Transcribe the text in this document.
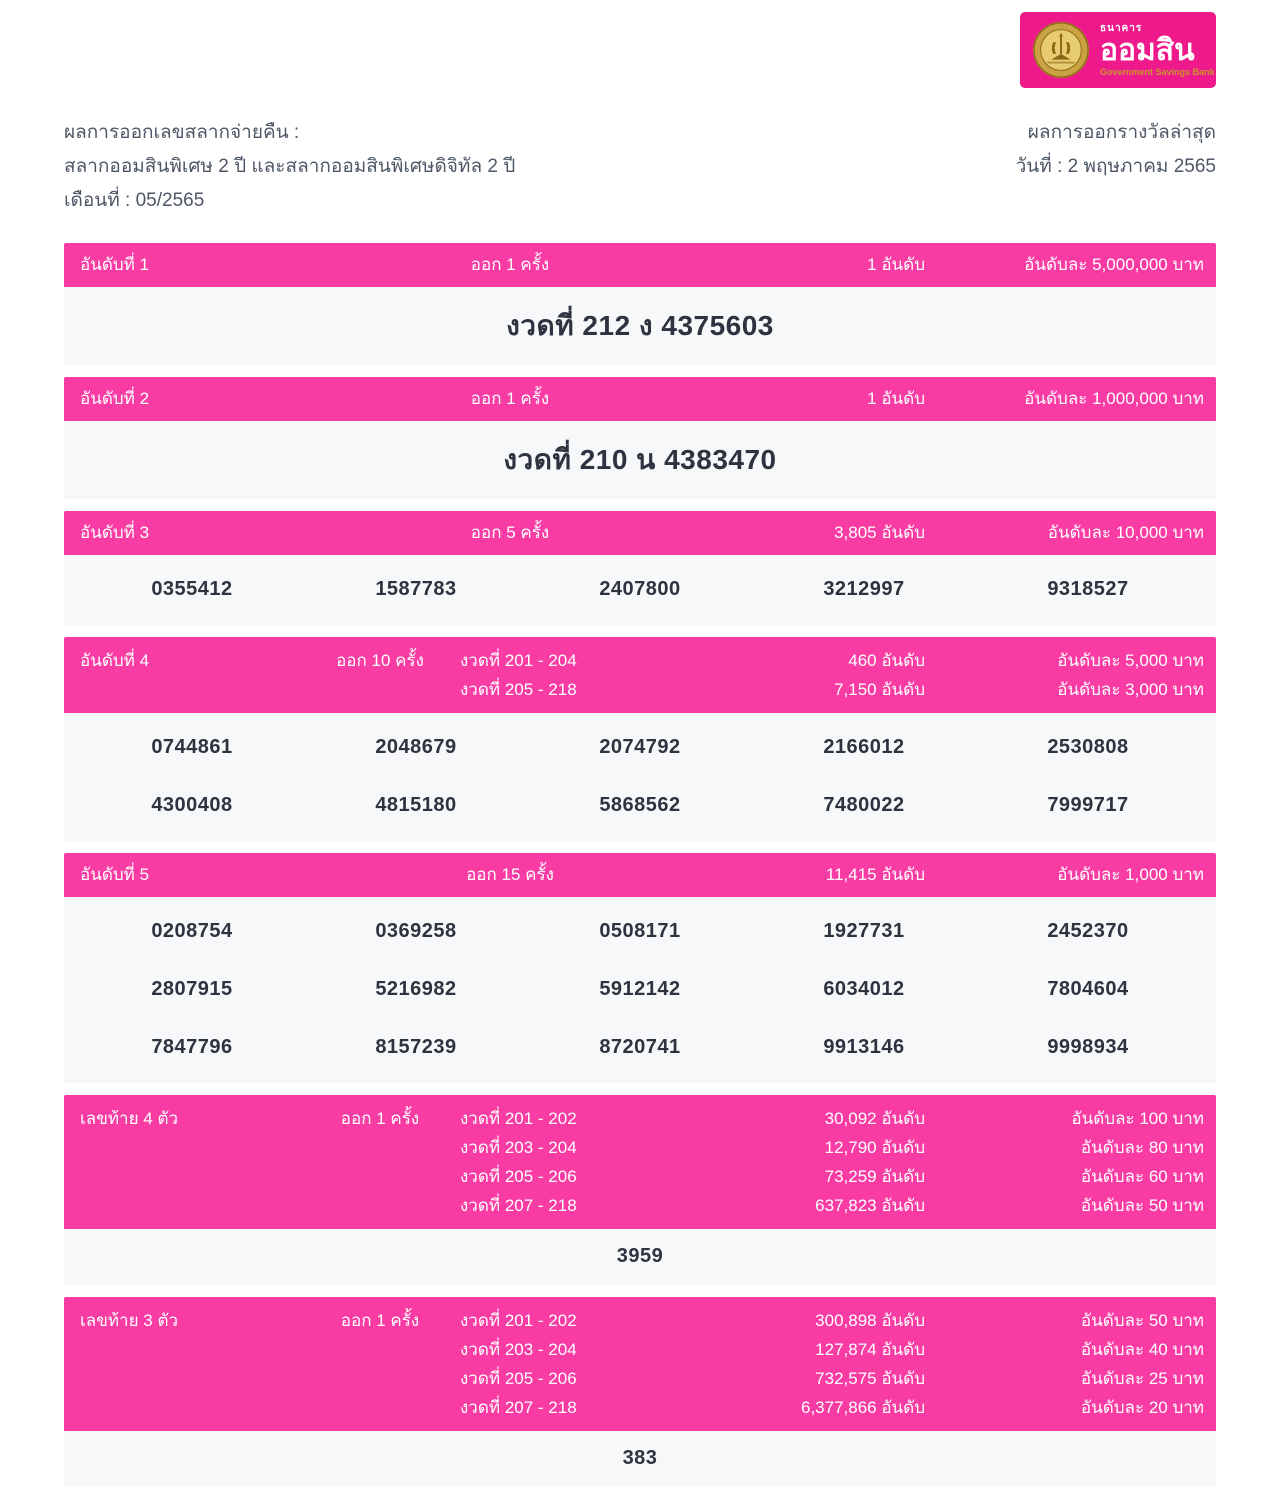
ธนาคาร
ออมสิน
Government Savings Bank
ผลการออกเลขสลากจ่ายคืน :
สลากออมสินพิเศษ 2 ปี และสลากออมสินพิเศษดิจิทัล 2 ปี
เดือนที่ : 05/2565
ผลการออกรางวัลล่าสุด
วันที่ : 2 พฤษภาคม 2565
อันดับที่ 1	ออก 1 ครั้ง	1 อันดับ	อันดับละ 5,000,000 บาท
งวดที่ 212 ง 4375603
อันดับที่ 2	ออก 1 ครั้ง	1 อันดับ	อันดับละ 1,000,000 บาท
งวดที่ 210 น 4383470
อันดับที่ 3	ออก 5 ครั้ง	3,805 อันดับ	อันดับละ 10,000 บาท
0355412	1587783	2407800	3212997	9318527
อันดับที่ 4	ออก 10 ครั้ง	งวดที่ 201 - 204	460 อันดับ	อันดับละ 5,000 บาท
งวดที่ 205 - 218	7,150 อันดับ	อันดับละ 3,000 บาท
0744861	2048679	2074792	2166012	2530808
4300408	4815180	5868562	7480022	7999717
อันดับที่ 5	ออก 15 ครั้ง	11,415 อันดับ	อันดับละ 1,000 บาท
0208754	0369258	0508171	1927731	2452370
2807915	5216982	5912142	6034012	7804604
7847796	8157239	8720741	9913146	9998934
เลขท้าย 4 ตัว	ออก 1 ครั้ง	งวดที่ 201 - 202	30,092 อันดับ	อันดับละ 100 บาท
งวดที่ 203 - 204	12,790 อันดับ	อันดับละ 80 บาท
งวดที่ 205 - 206	73,259 อันดับ	อันดับละ 60 บาท
งวดที่ 207 - 218	637,823 อันดับ	อันดับละ 50 บาท
3959
เลขท้าย 3 ตัว	ออก 1 ครั้ง	งวดที่ 201 - 202	300,898 อันดับ	อันดับละ 50 บาท
งวดที่ 203 - 204	127,874 อันดับ	อันดับละ 40 บาท
งวดที่ 205 - 206	732,575 อันดับ	อันดับละ 25 บาท
งวดที่ 207 - 218	6,377,866 อันดับ	อันดับละ 20 บาท
383
